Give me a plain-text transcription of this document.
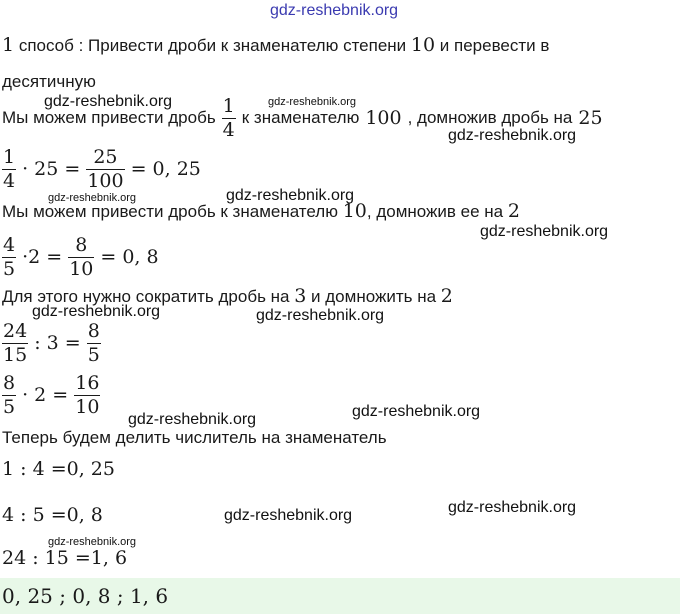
gdz-reshebnik.org
1 способ : Привести дроби к знаменателю степени 10 и перевести в
десятичную
gdz-reshebnik.org	gdz-reshebnik.org
Мы можем привести дробь $\frac{1}{4}$ к знаменателю 100 , домножив дробь на 25
gdz-reshebnik.org
$\frac{1}{4} \cdot 25 = \frac{25}{100} = 0$, 25
gdz-reshebnik.org	gdz-reshebnik.org
Мы можем привести дробь к знаменателю 10, домножив ее на 2
gdz-reshebnik.org
$\frac{4}{5} \cdot 2 = \frac{8}{10} = 0$, 8
Для этого нужно сократить дробь на 3 и домножить на 2
gdz-reshebnik.org	gdz-reshebnik.org
$\frac{24}{15}$ : $3 = \frac{8}{5}$
$\frac{8}{5} \cdot 2 = \frac{16}{10}$	gdz-reshebnik.org
gdz-reshebnik.org
Теперь будем делить числитель на знаменатель
1 : 4 =0, 25
gdz-reshebnik.org
4 : 5 =0, 8	gdz-reshebnik.org
gdz-reshebnik.org
24 : 15 =1, 6
0, 25 ; 0, 8 ; 1, 6
